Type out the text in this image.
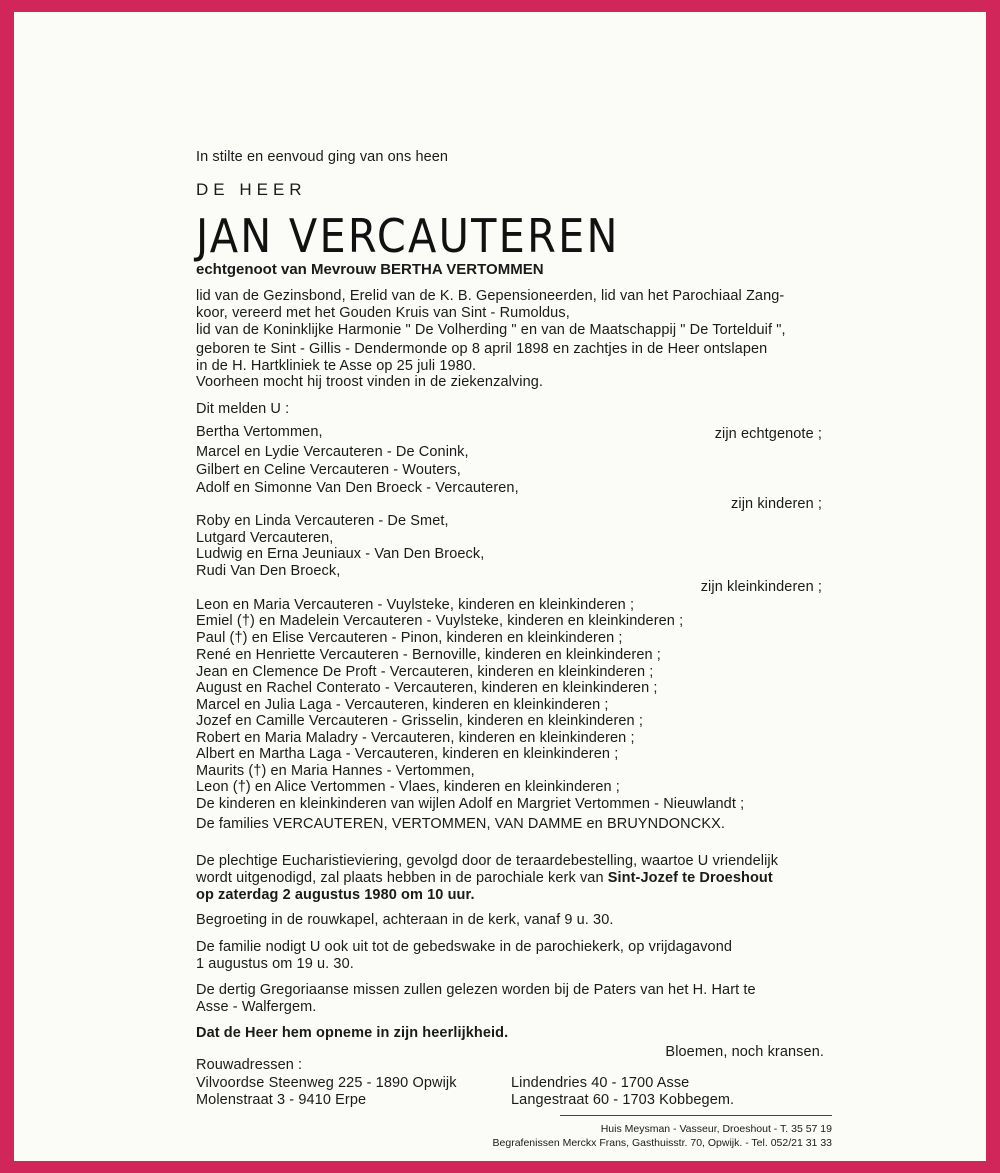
In stilte en eenvoud ging van ons heen
DE HEER
JAN VERCAUTEREN
echtgenoot van Mevrouw BERTHA VERTOMMEN
lid van de Gezinsbond, Erelid van de K. B. Gepensioneerden, lid van het Parochiaal Zang-
koor, vereerd met het Gouden Kruis van Sint - Rumoldus,
lid van de Koninklijke Harmonie " De Volherding " en van de Maatschappij " De Tortelduif ",
geboren te Sint - Gillis - Dendermonde op 8 april 1898 en zachtjes in de Heer ontslapen
in de H. Hartkliniek te Asse op 25 juli 1980.
Voorheen mocht hij troost vinden in de ziekenzalving.
Dit melden U :
Bertha Vertommen,	zijn echtgenote ;
Marcel en Lydie Vercauteren - De Conink,
Gilbert en Celine Vercauteren - Wouters,
Adolf en Simonne Van Den Broeck - Vercauteren,
zijn kinderen ;
Roby en Linda Vercauteren - De Smet,
Lutgard Vercauteren,
Ludwig en Erna Jeuniaux - Van Den Broeck,
Rudi Van Den Broeck,
zijn kleinkinderen ;
Leon en Maria Vercauteren - Vuylsteke, kinderen en kleinkinderen ;
Emiel (†) en Madelein Vercauteren - Vuylsteke, kinderen en kleinkinderen ;
Paul (†) en Elise Vercauteren - Pinon, kinderen en kleinkinderen ;
René en Henriette Vercauteren - Bernoville, kinderen en kleinkinderen ;
Jean en Clemence De Proft - Vercauteren, kinderen en kleinkinderen ;
August en Rachel Conterato - Vercauteren, kinderen en kleinkinderen ;
Marcel en Julia Laga - Vercauteren, kinderen en kleinkinderen ;
Jozef en Camille Vercauteren - Grisselin, kinderen en kleinkinderen ;
Robert en Maria Maladry - Vercauteren, kinderen en kleinkinderen ;
Albert en Martha Laga - Vercauteren, kinderen en kleinkinderen ;
Maurits (†) en Maria Hannes - Vertommen,
Leon (†) en Alice Vertommen - Vlaes, kinderen en kleinkinderen ;
De kinderen en kleinkinderen van wijlen Adolf en Margriet Vertommen - Nieuwlandt ;
De families VERCAUTEREN, VERTOMMEN, VAN DAMME en BRUYNDONCKX.
De plechtige Eucharistieviering, gevolgd door de teraardebestelling, waartoe U vriendelijk
wordt uitgenodigd, zal plaats hebben in de parochiale kerk van Sint-Jozef te Droeshout
op zaterdag 2 augustus 1980 om 10 uur.
Begroeting in de rouwkapel, achteraan in de kerk, vanaf 9 u. 30.
De familie nodigt U ook uit tot de gebedswake in de parochiekerk, op vrijdagavond
1 augustus om 19 u. 30.
De dertig Gregoriaanse missen zullen gelezen worden bij de Paters van het H. Hart te
Asse - Walfergem.
Dat de Heer hem opneme in zijn heerlijkheid.
Bloemen, noch kransen.
Rouwadressen :
Vilvoordse Steenweg 225 - 1890 Opwijk
Molenstraat 3 - 9410 Erpe
Lindendries 40 - 1700 Asse
Langestraat 60 - 1703 Kobbegem.
Huis Meysman - Vasseur, Droeshout - T. 35 57 19
Begrafenissen Merckx Frans, Gasthuisstr. 70, Opwijk. - Tel. 052/21 31 33
